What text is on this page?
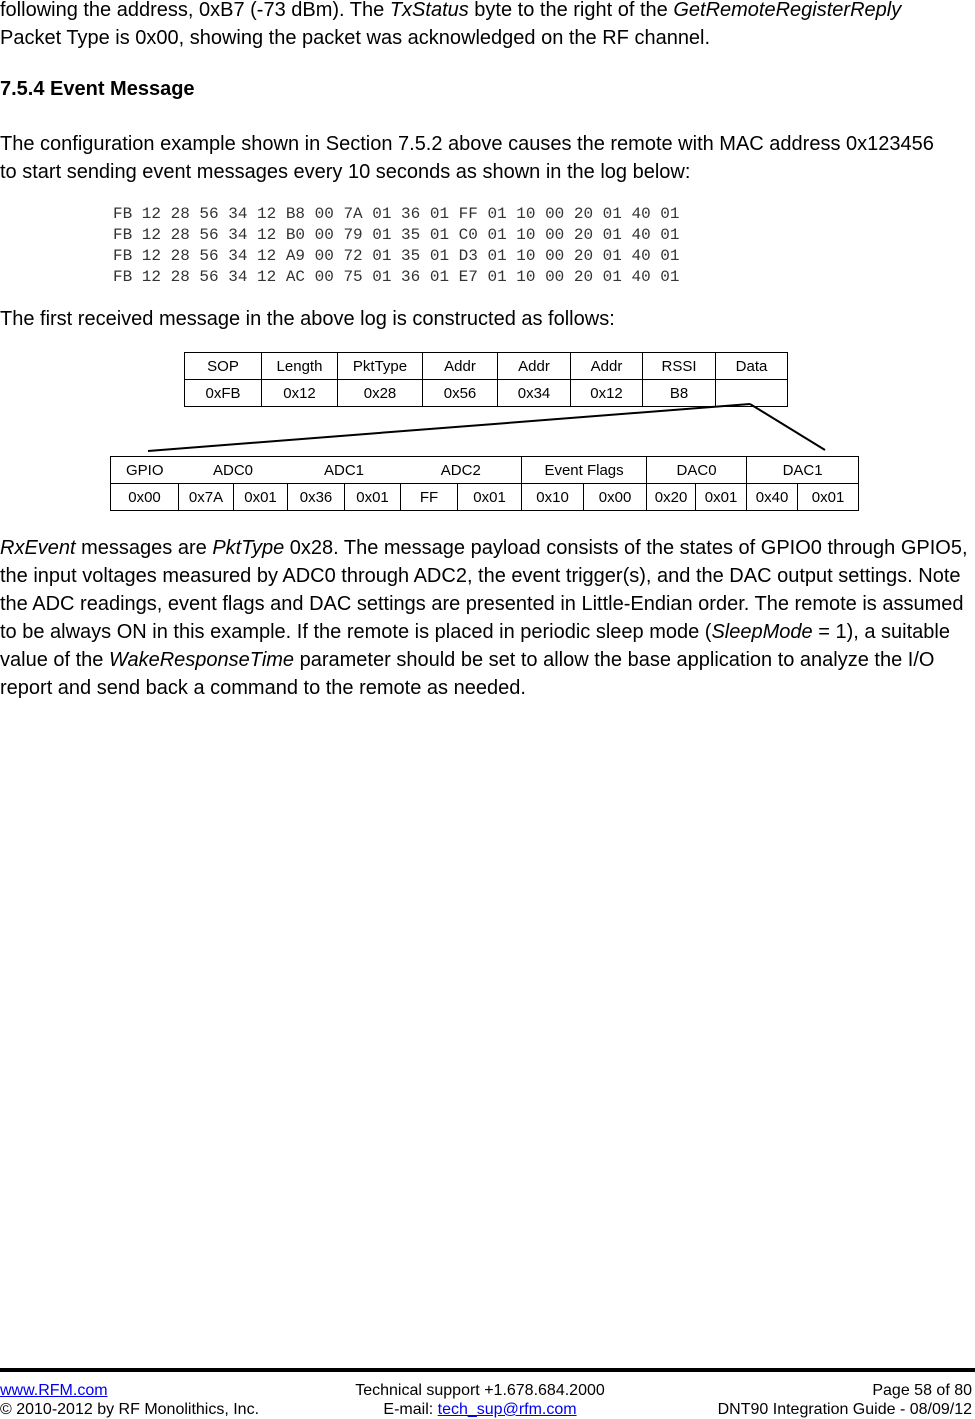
following the address, 0xB7 (-73 dBm). The TxStatus byte to the right of the GetRemoteRegisterReply
Packet Type is 0x00, showing the packet was acknowledged on the RF channel.

7.5.4 Event Message

The configuration example shown in Section 7.5.2 above causes the remote with MAC address 0x123456
to start sending event messages every 10 seconds as shown in the log below:

FB 12 28 56 34 12 B8 00 7A 01 36 01 FF 01 10 00 20 01 40 01
FB 12 28 56 34 12 B0 00 79 01 35 01 C0 01 10 00 20 01 40 01
FB 12 28 56 34 12 A9 00 72 01 35 01 D3 01 10 00 20 01 40 01
FB 12 28 56 34 12 AC 00 75 01 36 01 E7 01 10 00 20 01 40 01

The first received message in the above log is constructed as follows:

SOP	Length	PktType	Addr	Addr	Addr	RSSI	Data
0xFB	0x12	0x28	0x56	0x34	0x12	B8	
GPIO	ADC0		ADC1		ADC2		Event Flags		DAC0		DAC1	
0x00	0x7A	0x01	0x36	0x01	FF	0x01	0x10	0x00	0x20	0x01	0x40	0x01

RxEvent messages are PktType 0x28. The message payload consists of the states of GPIO0 through GPIO5, the input voltages measured by ADC0 through ADC2, the event trigger(s), and the DAC output settings. Note the ADC readings, event flags and DAC settings are presented in Little-Endian order. The remote is assumed to be always ON in this example. If the remote is placed in periodic sleep mode (SleepMode = 1), a suitable value of the WakeResponseTime parameter should be set to allow the base application to analyze the I/O report and send back a command to the remote as needed.

www.RFM.com
© 2010-2012 by RF Monolithics, Inc.
Technical support +1.678.684.2000
E-mail: tech_sup@rfm.com
Page 58 of 80
DNT90 Integration Guide - 08/09/12
